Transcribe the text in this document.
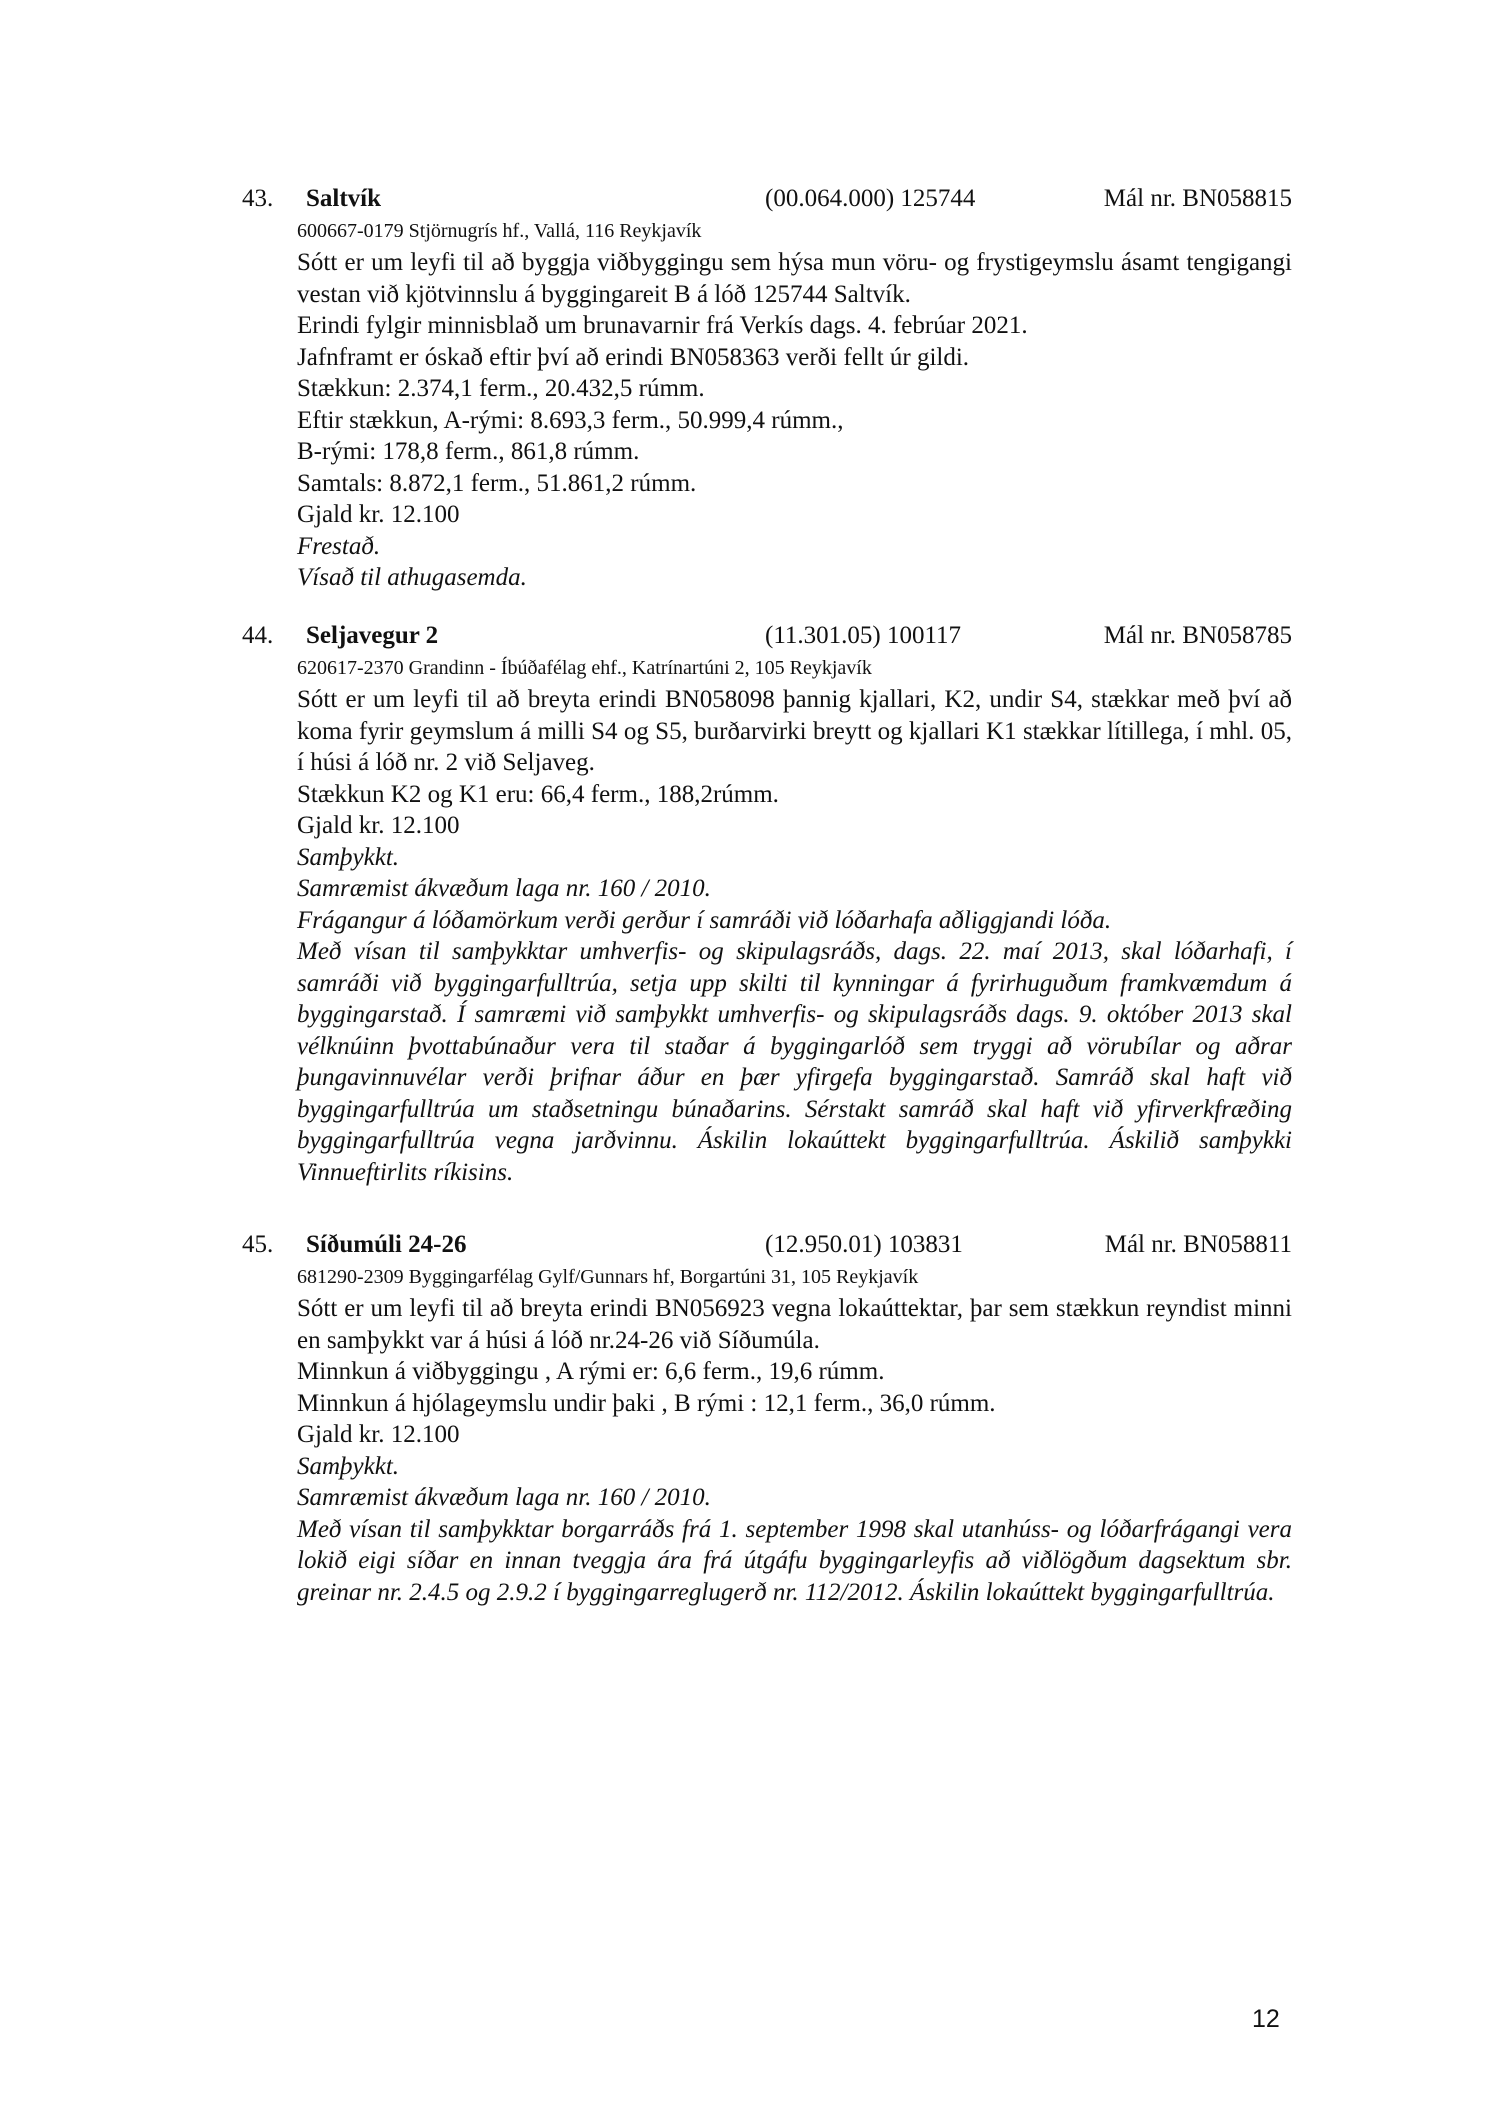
43. Saltvík	(00.064.000) 125744	Mál nr. BN058815
600667-0179 Stjörnugrís hf., Vallá, 116 Reykjavík
Sótt er um leyfi til að byggja viðbyggingu sem hýsa mun vöru- og frystigeymslu ásamt tengigangi vestan við kjötvinnslu á byggingareit B á lóð 125744 Saltvík.
Erindi fylgir minnisblað um brunavarnir frá Verkís dags. 4. febrúar 2021.
Jafnframt er óskað eftir því að erindi BN058363 verði fellt úr gildi.
Stækkun: 2.374,1 ferm., 20.432,5 rúmm.
Eftir stækkun, A-rými: 8.693,3 ferm., 50.999,4 rúmm.,
B-rými: 178,8 ferm., 861,8 rúmm.
Samtals: 8.872,1 ferm., 51.861,2 rúmm.
Gjald kr. 12.100
Frestað.
Vísað til athugasemda.
44. Seljavegur 2	(11.301.05) 100117	Mál nr. BN058785
620617-2370 Grandinn - Íbúðafélag ehf., Katrínartúni 2, 105 Reykjavík
Sótt er um leyfi til að breyta erindi BN058098 þannig kjallari, K2, undir S4, stækkar með því að koma fyrir geymslum á milli S4 og S5, burðarvirki breytt og kjallari K1 stækkar lítillega, í mhl. 05, í húsi á lóð nr. 2 við Seljaveg.
Stækkun K2 og K1 eru: 66,4 ferm., 188,2rúmm.
Gjald kr. 12.100
Samþykkt.
Samræmist ákvæðum laga nr. 160 / 2010.
Frágangur á lóðamörkum verði gerður í samráði við lóðarhafa aðliggjandi lóða.
Með vísan til samþykktar umhverfis- og skipulagsráðs, dags. 22. maí 2013, skal lóðarhafi, í samráði við byggingarfulltrúa, setja upp skilti til kynningar á fyrirhuguðum framkvæmdum á byggingarstað. Í samræmi við samþykkt umhverfis- og skipulagsráðs dags. 9. október 2013 skal vélknúinn þvottabúnaður vera til staðar á byggingarlóð sem tryggi að vörubílar og aðrar þungavinnuvélar verði þrifnar áður en þær yfirgefa byggingarstað. Samráð skal haft við byggingarfulltrúa um staðsetningu búnaðarins. Sérstakt samráð skal haft við yfirverkfræðing byggingarfulltrúa vegna jarðvinnu. Áskilin lokaúttekt byggingarfulltrúa. Áskilið samþykki Vinnueftirlits ríkisins.
45. Síðumúli 24-26	(12.950.01) 103831	Mál nr. BN058811
681290-2309 Byggingarfélag Gylf/Gunnars hf, Borgartúni 31, 105 Reykjavík
Sótt er um leyfi til að breyta erindi BN056923 vegna lokaúttektar, þar sem stækkun reyndist minni en samþykkt var á húsi á lóð nr.24-26 við Síðumúla.
Minnkun á viðbyggingu , A rými er: 6,6 ferm., 19,6 rúmm.
Minnkun á hjólageymslu undir þaki , B rými : 12,1 ferm., 36,0 rúmm.
Gjald kr. 12.100
Samþykkt.
Samræmist ákvæðum laga nr. 160 / 2010.
Með vísan til samþykktar borgarráðs frá 1. september 1998 skal utanhúss- og lóðarfrágangi vera lokið eigi síðar en innan tveggja ára frá útgáfu byggingarleyfis að viðlögðum dagsektum sbr. greinar nr. 2.4.5 og 2.9.2 í byggingarreglugerð nr. 112/2012. Áskilin lokaúttekt byggingarfulltrúa.
12
